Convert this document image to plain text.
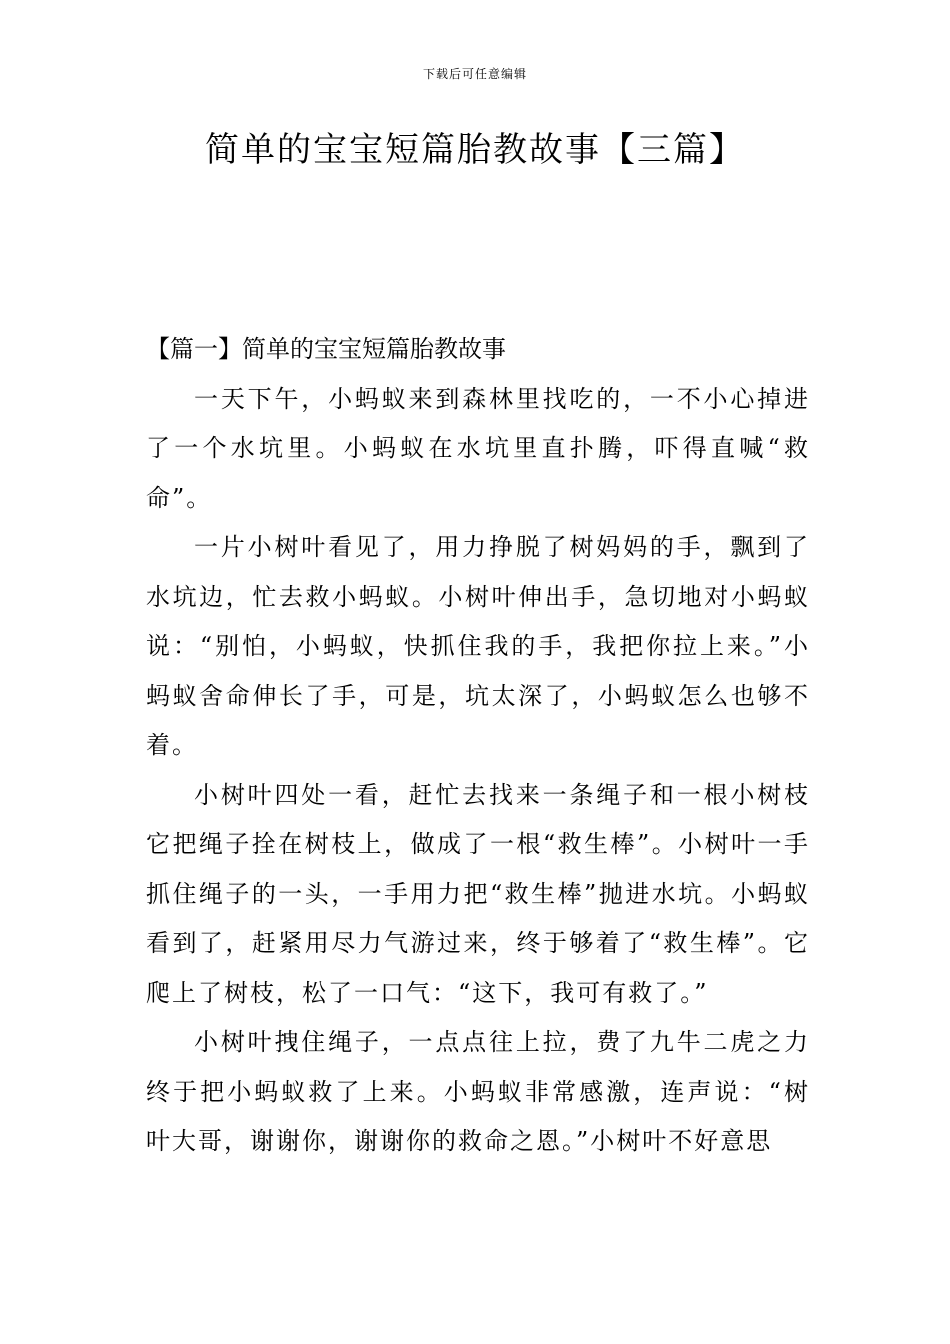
下载后可任意编辑
简单的宝宝短篇胎教故事【三篇】
【篇一】简单的宝宝短篇胎教故事

一天下午，小蚂蚁来到森林里找吃的，一不小心掉进了一个水坑里。小蚂蚁在水坑里直扑腾，吓得直喊“救命”。

一片小树叶看见了，用力挣脱了树妈妈的手，飘到了水坑边，忙去救小蚂蚁。小树叶伸出手，急切地对小蚂蚁说：“别怕，小蚂蚁，快抓住我的手，我把你拉上来。”小蚂蚁舍命伸长了手，可是，坑太深了，小蚂蚁怎么也够不着。

小树叶四处一看，赶忙去找来一条绳子和一根小树枝它把绳子拴在树枝上，做成了一根“救生棒”。小树叶一手抓住绳子的一头，一手用力把“救生棒”抛进水坑。小蚂蚁看到了，赶紧用尽力气游过来，终于够着了“救生棒”。它爬上了树枝，松了一口气：“这下，我可有救了。”

小树叶拽住绳子，一点点往上拉，费了九牛二虎之力终于把小蚂蚁救了上来。小蚂蚁非常感激，连声说：“树叶大哥，谢谢你，谢谢你的救命之恩。”小树叶不好意思
